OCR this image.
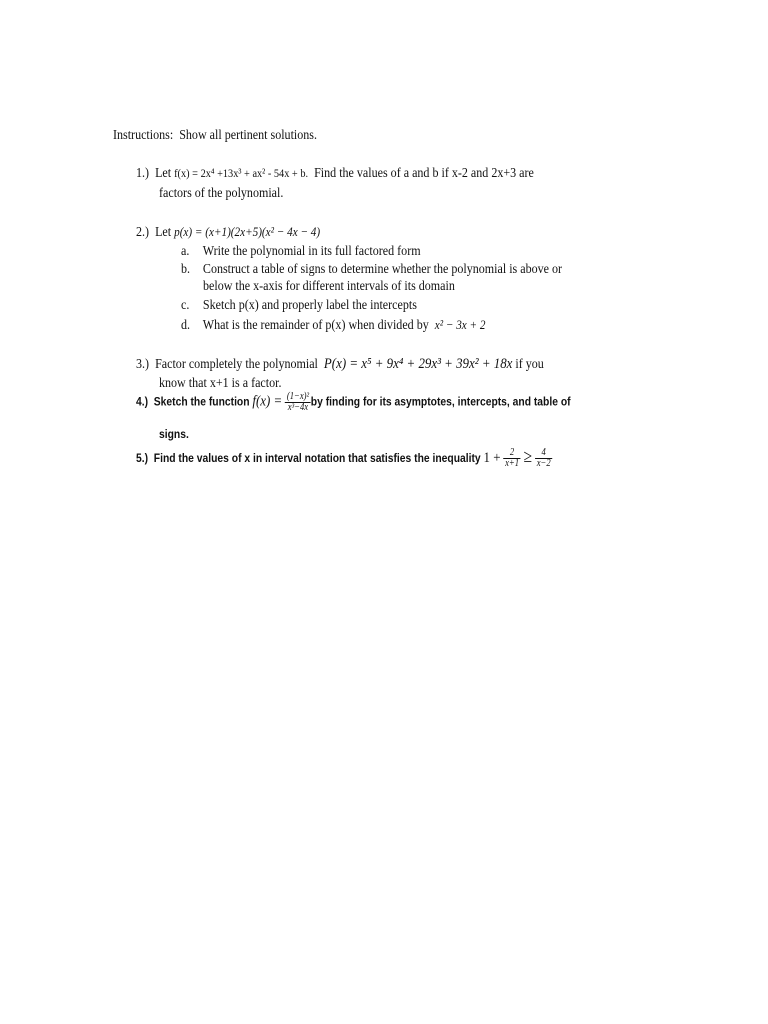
Instructions: Show all pertinent solutions.
1.) Let f(x) = 2x⁴ +13x³ + ax² - 54x + b. Find the values of a and b if x-2 and 2x+3 are
factors of the polynomial.
2.) Let p(x) = (x+1)(2x+5)(x² − 4x − 4)
a. Write the polynomial in its full factored form
b. Construct a table of signs to determine whether the polynomial is above or
below the x-axis for different intervals of its domain
c. Sketch p(x) and properly label the intercepts
d. What is the remainder of p(x) when divided by x² − 3x + 2
3.) Factor completely the polynomial P(x) = x⁵ + 9x⁴ + 29x³ + 39x² + 18x if you
know that x+1 is a factor.
4.) Sketch the function $f(x) = \frac{\text{(1−x)²}}{\text{x³−4x}}$ by finding for its asymptotes, intercepts, and table of
signs.
5.) Find the values of x in interval notation that satisfies the inequality $1 + \frac{2}{x+1} \ge \frac{4}{x-2}$
